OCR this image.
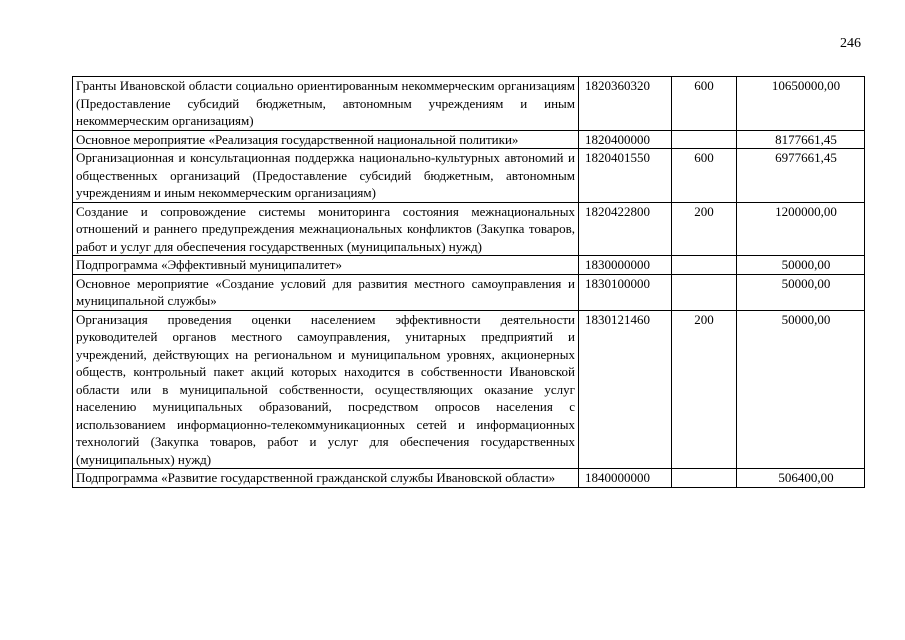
246
Гранты Ивановской области социально ориентированным некоммерческим организациям (Предоставление субсидий бюджетным, автономным учреждениям и иным некоммерческим организациям)	1820360320	600	10650000,00
Основное мероприятие «Реализация государственной национальной политики»	1820400000		8177661,45
Организационная и консультационная поддержка национально-культурных автономий и общественных организаций (Предоставление субсидий бюджетным, автономным учреждениям и иным некоммерческим организациям)	1820401550	600	6977661,45
Создание и сопровождение системы мониторинга состояния межнациональных отношений и раннего предупреждения межнациональных конфликтов (Закупка товаров, работ и услуг для обеспечения государственных (муниципальных) нужд)	1820422800	200	1200000,00
Подпрограмма «Эффективный муниципалитет»	1830000000		50000,00
Основное мероприятие «Создание условий для развития местного самоуправления и муниципальной службы»	1830100000		50000,00
Организация проведения оценки населением эффективности деятельности руководителей органов местного самоуправления, унитарных предприятий и учреждений, действующих на региональном и муниципальном уровнях, акционерных обществ, контрольный пакет акций которых находится в собственности Ивановской области или в муниципальной собственности, осуществляющих оказание услуг населению муниципальных образований, посредством опросов населения с использованием информационно-телекоммуникационных сетей и информационных технологий (Закупка товаров, работ и услуг для обеспечения государственных (муниципальных) нужд)	1830121460	200	50000,00
Подпрограмма «Развитие государственной гражданской службы Ивановской области»	1840000000		506400,00
